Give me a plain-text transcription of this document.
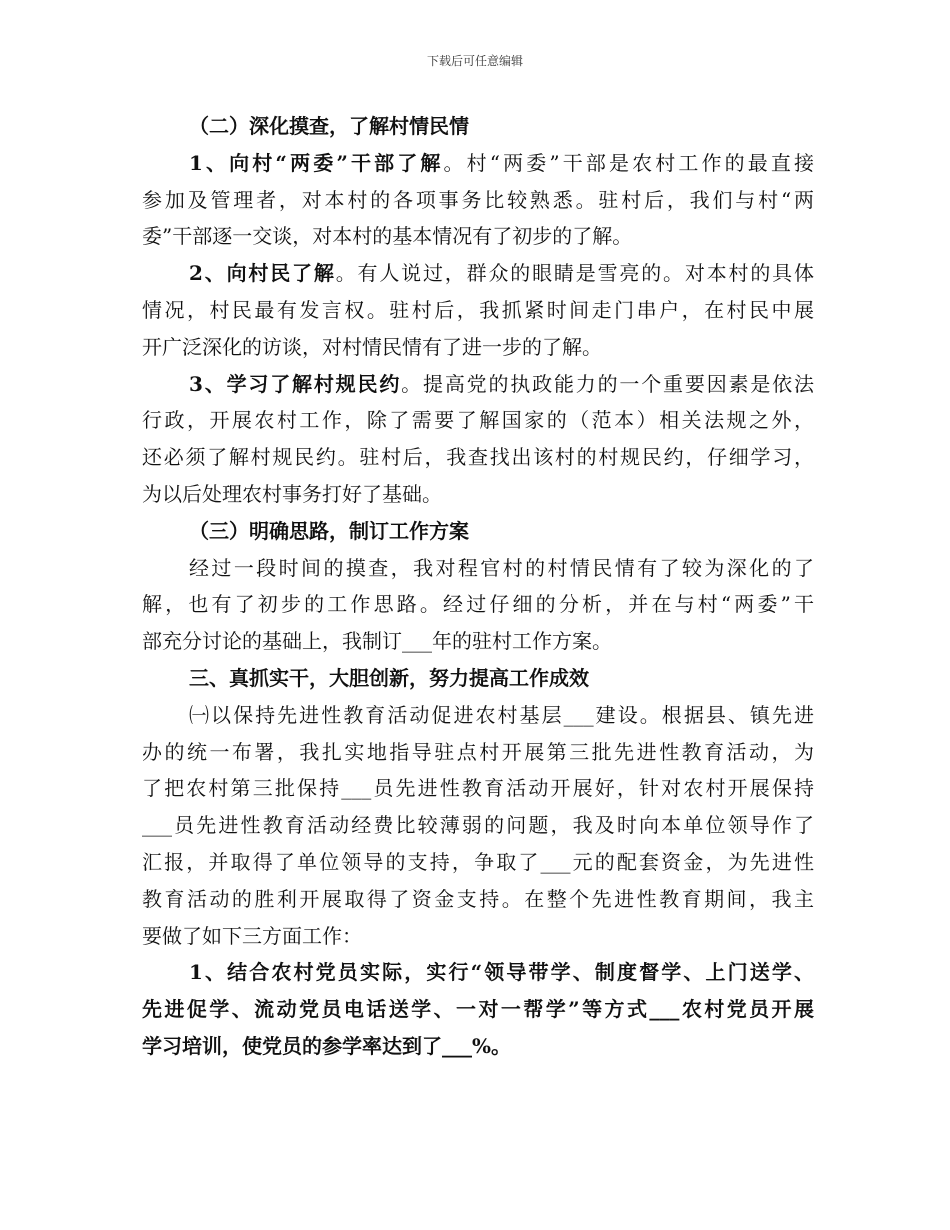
下载后可任意编辑
（二）深化摸查，了解村情民情
1、向村“两委”干部了解。村“两委”干部是农村工作的最直接
参加及管理者，对本村的各项事务比较熟悉。驻村后，我们与村“两
委”干部逐一交谈，对本村的基本情况有了初步的了解。
2、向村民了解。有人说过，群众的眼睛是雪亮的。对本村的具体
情况，村民最有发言权。驻村后，我抓紧时间走门串户，在村民中展
开广泛深化的访谈，对村情民情有了进一步的了解。
3、学习了解村规民约。提高党的执政能力的一个重要因素是依法
行政，开展农村工作，除了需要了解国家的（范本）相关法规之外，
还必须了解村规民约。驻村后，我查找出该村的村规民约，仔细学习，
为以后处理农村事务打好了基础。
（三）明确思路，制订工作方案
经过一段时间的摸查，我对程官村的村情民情有了较为深化的了
解，也有了初步的工作思路。经过仔细的分析，并在与村“两委”干
部充分讨论的基础上，我制订___年的驻村工作方案。
三、真抓实干，大胆创新，努力提高工作成效
㈠以保持先进性教育活动促进农村基层___建设。根据县、镇先进
办的统一布署，我扎实地指导驻点村开展第三批先进性教育活动，为
了把农村第三批保持___员先进性教育活动开展好，针对农村开展保持
___员先进性教育活动经费比较薄弱的问题，我及时向本单位领导作了
汇报，并取得了单位领导的支持，争取了___元的配套资金，为先进性
教育活动的胜利开展取得了资金支持。在整个先进性教育期间，我主
要做了如下三方面工作：
1、结合农村党员实际，实行“领导带学、制度督学、上门送学、
先进促学、流动党员电话送学、一对一帮学”等方式___农村党员开展
学习培训，使党员的参学率达到了___%。
